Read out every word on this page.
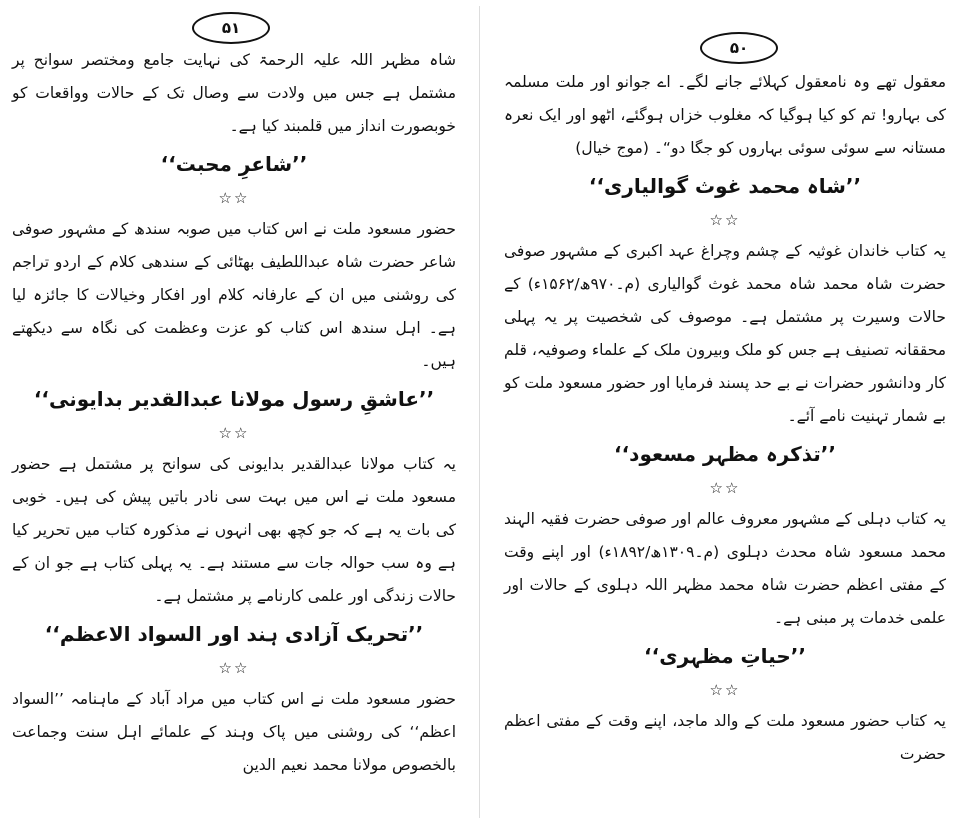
۵۱

شاہ مظہر اللہ علیہ الرحمۃ کی نہایت جامع ومختصر سوانح پر مشتمل ہے جس میں ولادت سے وصال تک کے حالات وواقعات کو خوبصورت انداز میں قلمبند کیا ہے۔

’’شاعرِ محبت‘‘

☆☆

حضور مسعود ملت نے اس کتاب میں صوبہ سندھ کے مشہور صوفی شاعر حضرت شاہ عبداللطیف بھٹائی کے سندھی کلام کے اردو تراجم کی روشنی میں ان کے عارفانہ کلام اور افکار وخیالات کا جائزہ لیا ہے۔ اہل سندھ اس کتاب کو عزت وعظمت کی نگاہ سے دیکھتے ہیں۔

’’عاشقِ رسول مولانا عبدالقدیر بدایونی‘‘

☆☆

یہ کتاب مولانا عبدالقدیر بدایونی کی سوانح پر مشتمل ہے حضور مسعود ملت نے اس میں بہت سی نادر باتیں پیش کی ہیں۔ خوبی کی بات یہ ہے کہ جو کچھ بھی انہوں نے مذکورہ کتاب میں تحریر کیا ہے وہ سب حوالہ جات سے مستند ہے۔ یہ پہلی کتاب ہے جو ان کے حالات زندگی اور علمی کارنامے پر مشتمل ہے۔

’’تحریک آزادی ہند اور السواد الاعظم‘‘

☆☆

حضور مسعود ملت نے اس کتاب میں مراد آباد کے ماہنامہ ’’السواد اعظم‘‘ کی روشنی میں پاک وہند کے علمائے اہل سنت وجماعت بالخصوص مولانا محمد نعیم الدین

۵۰

معقول تھے وہ نامعقول کہلائے جانے لگے۔ اے جوانو اور ملت مسلمہ کی بہارو! تم کو کیا ہوگیا کہ مغلوب خزاں ہوگئے، اٹھو اور ایک نعرہ مستانہ سے سوئی سوئی بہاروں کو جگا دو“۔ (موج خیال)

’’شاہ محمد غوث گوالیاری‘‘

☆☆

یہ کتاب خاندان غوثیہ کے چشم وچراغ عہد اکبری کے مشہور صوفی حضرت شاہ محمد شاہ محمد غوث گوالیاری (م۔۹۷۰ھ/۱۵۶۲ء) کے حالات وسیرت پر مشتمل ہے۔ موصوف کی شخصیت پر یہ پہلی محققانہ تصنیف ہے جس کو ملک وبیرون ملک کے علماء وصوفیہ، قلم کار ودانشور حضرات نے بے حد پسند فرمایا اور حضور مسعود ملت کو بے شمار تہنیت نامے آئے۔

’’تذکرہ مظہر مسعود‘‘

☆☆

یہ کتاب دہلی کے مشہور معروف عالم اور صوفی حضرت فقیہ الہند محمد مسعود شاہ محدث دہلوی (م۔۱۳۰۹ھ/۱۸۹۲ء) اور اپنے وقت کے مفتی اعظم حضرت شاہ محمد مظہر اللہ دہلوی کے حالات اور علمی خدمات پر مبنی ہے۔

’’حیاتِ مظہری‘‘

☆☆

یہ کتاب حضور مسعود ملت کے والد ماجد، اپنے وقت کے مفتی اعظم حضرت
